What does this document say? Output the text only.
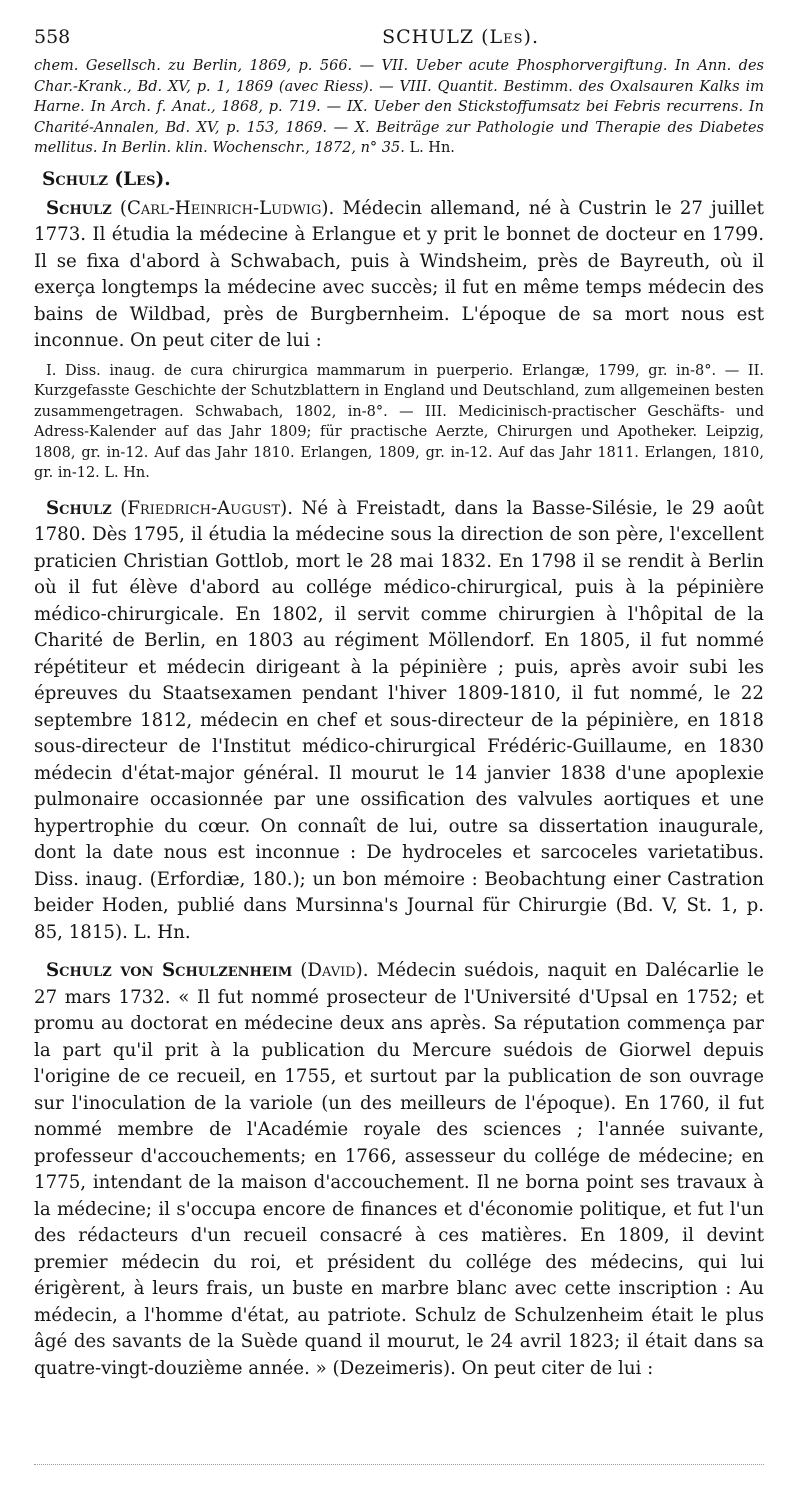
558	SCHULZ (Les).

chem. Gesellsch. zu Berlin, 1869, p. 566. — VII. Ueber acute Phosphorvergiftung. In Ann. des Char.-Krank., Bd. XV, p. 1, 1869 (avec Riess). — VIII. Quantit. Bestimm. des Oxalsauren Kalks im Harne. In Arch. f. Anat., 1868, p. 719. — IX. Ueber den Stickstoffumsatz bei Febris recurrens. In Charité-Annalen, Bd. XV, p. 153, 1869. — X. Beiträge zur Pathologie und Therapie des Diabetes mellitus. In Berlin. klin. Wochenschr., 1872, n° 35. L. Hn.

Schulz (Les).

Schulz (Carl-Heinrich-Ludwig). Médecin allemand, né à Custrin le 27 juillet 1773. Il étudia la médecine à Erlangue et y prit le bonnet de docteur en 1799. Il se fixa d'abord à Schwabach, puis à Windsheim, près de Bayreuth, où il exerça longtemps la médecine avec succès; il fut en même temps médecin des bains de Wildbad, près de Burgbernheim. L'époque de sa mort nous est inconnue. On peut citer de lui :

I. Diss. inaug. de cura chirurgica mammarum in puerperio. Erlangæ, 1799, gr. in-8°. — II. Kurzgefasste Geschichte der Schutzblattern in England und Deutschland, zum allgemeinen besten zusammengetragen. Schwabach, 1802, in-8°. — III. Medicinisch-practischer Geschäfts- und Adress-Kalender auf das Jahr 1809; für practische Aerzte, Chirurgen und Apotheker. Leipzig, 1808, gr. in-12. Auf das Jahr 1810. Erlangen, 1809, gr. in-12. Auf das Jahr 1811. Erlangen, 1810, gr. in-12. L. Hn.

Schulz (Friedrich-August). Né à Freistadt, dans la Basse-Silésie, le 29 août 1780. Dès 1795, il étudia la médecine sous la direction de son père, l'excellent praticien Christian Gottlob, mort le 28 mai 1832. En 1798 il se rendit à Berlin où il fut élève d'abord au collége médico-chirurgical, puis à la pépinière médico-chirurgicale. En 1802, il servit comme chirurgien à l'hôpital de la Charité de Berlin, en 1803 au régiment Möllendorf. En 1805, il fut nommé répétiteur et médecin dirigeant à la pépinière ; puis, après avoir subi les épreuves du Staatsexamen pendant l'hiver 1809-1810, il fut nommé, le 22 septembre 1812, médecin en chef et sous-directeur de la pépinière, en 1818 sous-directeur de l'Institut médico-chirurgical Frédéric-Guillaume, en 1830 médecin d'état-major général. Il mourut le 14 janvier 1838 d'une apoplexie pulmonaire occasionnée par une ossification des valvules aortiques et une hypertrophie du cœur. On connaît de lui, outre sa dissertation inaugurale, dont la date nous est inconnue : De hydroceles et sarcoceles varietatibus. Diss. inaug. (Erfordiæ, 180.); un bon mémoire : Beobachtung einer Castration beider Hoden, publié dans Mursinna's Journal für Chirurgie (Bd. V, St. 1, p. 85, 1815). L. Hn.

Schulz von Schulzenheim (David). Médecin suédois, naquit en Dalécarlie le 27 mars 1732. « Il fut nommé prosecteur de l'Université d'Upsal en 1752; et promu au doctorat en médecine deux ans après. Sa réputation commença par la part qu'il prit à la publication du Mercure suédois de Giorwel depuis l'origine de ce recueil, en 1755, et surtout par la publication de son ouvrage sur l'inoculation de la variole (un des meilleurs de l'époque). En 1760, il fut nommé membre de l'Académie royale des sciences ; l'année suivante, professeur d'accouchements; en 1766, assesseur du collége de médecine; en 1775, intendant de la maison d'accouchement. Il ne borna point ses travaux à la médecine; il s'occupa encore de finances et d'économie politique, et fut l'un des rédacteurs d'un recueil consacré à ces matières. En 1809, il devint premier médecin du roi, et président du collége des médecins, qui lui érigèrent, à leurs frais, un buste en marbre blanc avec cette inscription : Au médecin, a l'homme d'état, au patriote. Schulz de Schulzenheim était le plus âgé des savants de la Suède quand il mourut, le 24 avril 1823; il était dans sa quatre-vingt-douzième année. » (Dezeimeris). On peut citer de lui :
